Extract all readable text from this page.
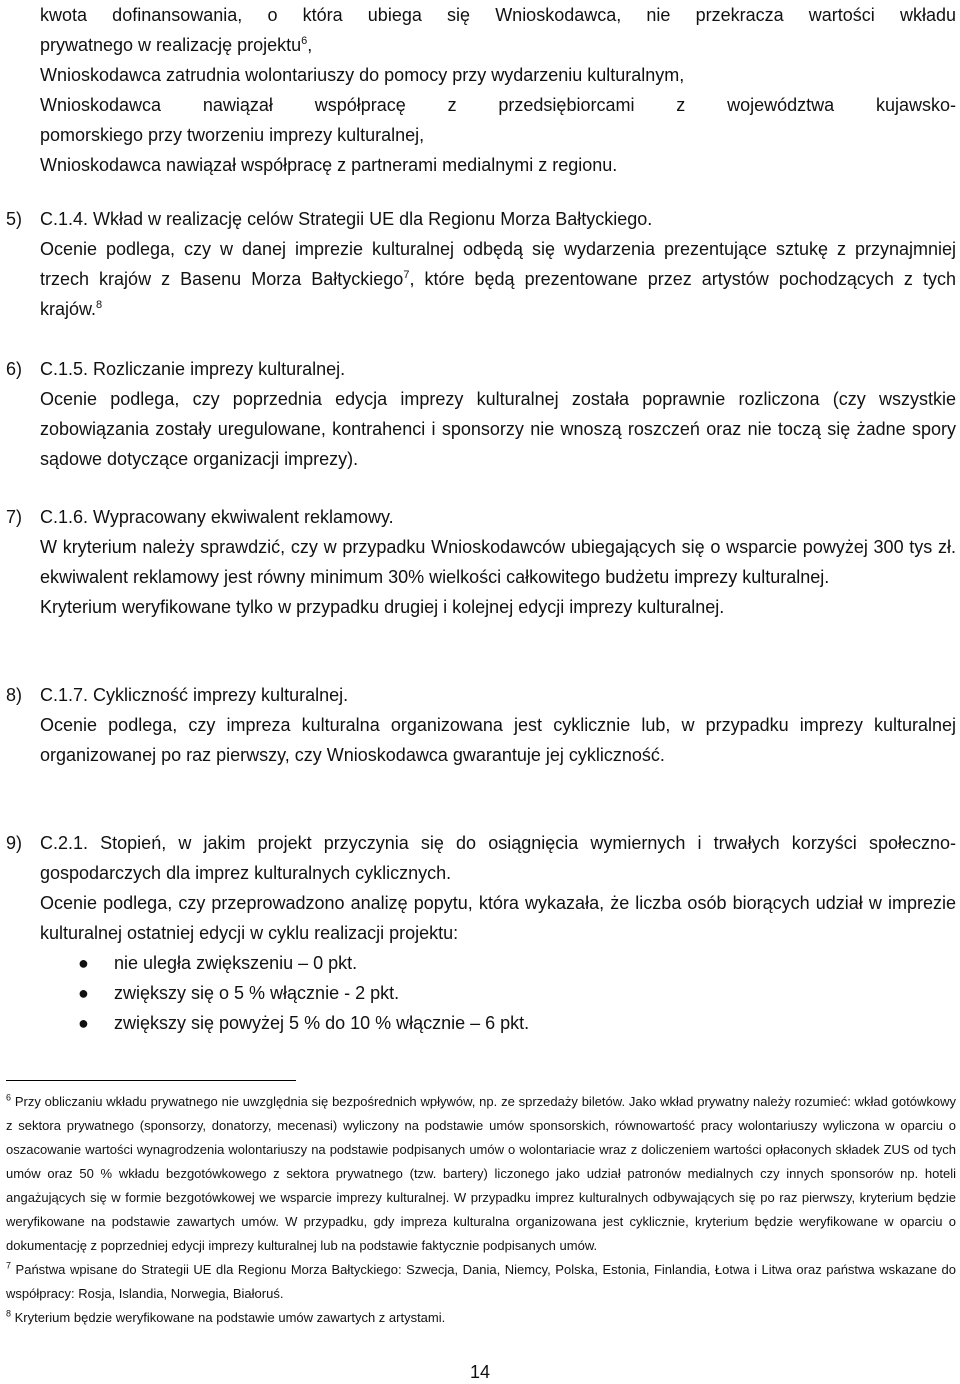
kwota dofinansowania, o która ubiega się Wnioskodawca, nie przekracza wartości wkładu
prywatnego w realizację projektu$^6$,
Wnioskodawca zatrudnia wolontariuszy do pomocy przy wydarzeniu kulturalnym,
Wnioskodawca nawiązał współpracę z przedsiębiorcami z województwa kujawsko-
pomorskiego przy tworzeniu imprezy kulturalnej,
Wnioskodawca nawiązał współpracę z partnerami medialnymi z regionu.
5) C.1.4. Wkład w realizację celów Strategii UE dla Regionu Morza Bałtyckiego.
Ocenie podlega, czy w danej imprezie kulturalnej odbędą się wydarzenia prezentujące sztukę z przynajmniej trzech krajów z Basenu Morza Bałtyckiego$^7$, które będą prezentowane przez artystów pochodzących z tych krajów.$^8$
6) C.1.5. Rozliczanie imprezy kulturalnej.
Ocenie podlega, czy poprzednia edycja imprezy kulturalnej została poprawnie rozliczona (czy wszystkie zobowiązania zostały uregulowane, kontrahenci i sponsorzy nie wnoszą roszczeń oraz nie toczą się żadne spory sądowe dotyczące organizacji imprezy).
7) C.1.6. Wypracowany ekwiwalent reklamowy.
W kryterium należy sprawdzić, czy w przypadku Wnioskodawców ubiegających się o wsparcie powyżej 300 tys zł. ekwiwalent reklamowy jest równy minimum 30% wielkości całkowitego budżetu imprezy kulturalnej.
Kryterium weryfikowane tylko w przypadku drugiej i kolejnej edycji imprezy kulturalnej.
8) C.1.7. Cykliczność imprezy kulturalnej.
Ocenie podlega, czy impreza kulturalna organizowana jest cyklicznie lub, w przypadku imprezy kulturalnej organizowanej po raz pierwszy, czy Wnioskodawca gwarantuje jej cykliczność.
9) C.2.1. Stopień, w jakim projekt przyczynia się do osiągnięcia wymiernych i trwałych korzyści społeczno-gospodarczych dla imprez kulturalnych cyklicznych.
Ocenie podlega, czy przeprowadzono analizę popytu, która wykazała, że liczba osób biorących udział w imprezie kulturalnej ostatniej edycji w cyklu realizacji projektu:
● nie uległa zwiększeniu – 0 pkt.
● zwiększy się o 5 % włącznie - 2 pkt.
● zwiększy się powyżej 5 % do 10 % włącznie – 6 pkt.

$^6$ Przy obliczaniu wkładu prywatnego nie uwzględnia się bezpośrednich wpływów, np. ze sprzedaży biletów. Jako wkład prywatny należy rozumieć: wkład gotówkowy z sektora prywatnego (sponsorzy, donatorzy, mecenasi) wyliczony na podstawie umów sponsorskich, równowartość pracy wolontariuszy wyliczona w oparciu o oszacowanie wartości wynagrodzenia wolontariuszy na podstawie podpisanych umów o wolontariacie wraz z doliczeniem wartości opłaconych składek ZUS od tych umów oraz 50 % wkładu bezgotówkowego z sektora prywatnego (tzw. bartery) liczonego jako udział patronów medialnych czy innych sponsorów np. hoteli angażujących się w formie bezgotówkowej we wsparcie imprezy kulturalnej. W przypadku imprez kulturalnych odbywających się po raz pierwszy, kryterium będzie weryfikowane na podstawie zawartych umów. W przypadku, gdy impreza kulturalna organizowana jest cyklicznie, kryterium będzie weryfikowane w oparciu o dokumentację z poprzedniej edycji imprezy kulturalnej lub na podstawie faktycznie podpisanych umów.

$^7$ Państwa wpisane do Strategii UE dla Regionu Morza Bałtyckiego: Szwecja, Dania, Niemcy, Polska, Estonia, Finlandia, Łotwa i Litwa oraz państwa wskazane do współpracy: Rosja, Islandia, Norwegia, Białoruś.

$^8$ Kryterium będzie weryfikowane na podstawie umów zawartych z artystami.

14
